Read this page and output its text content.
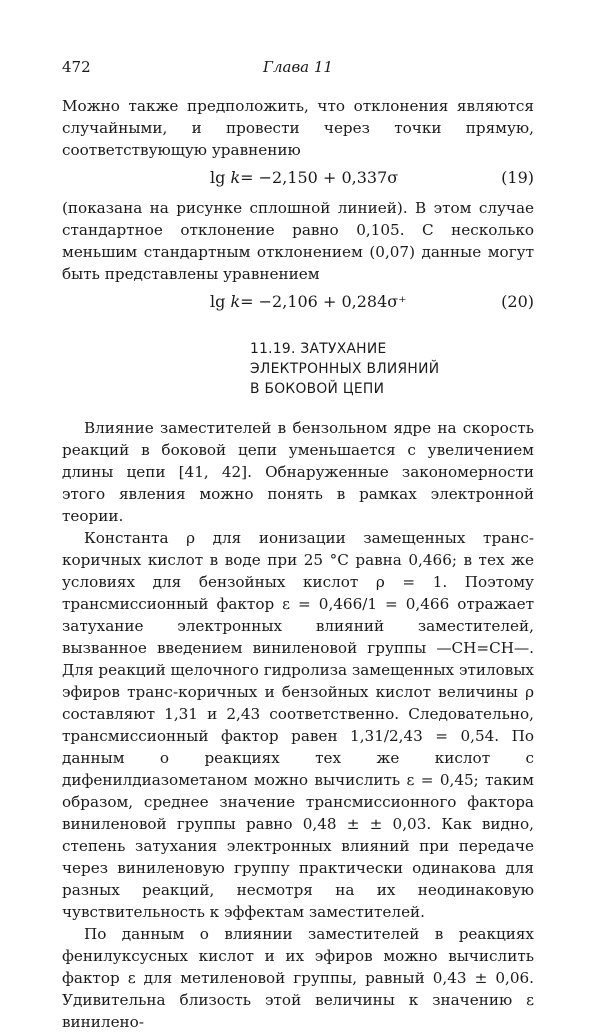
472	Глава 11

Можно также предположить, что отклонения являются случайными, и провести через точки прямую, соответствующую уравнению

lg k= −2,150 + 0,337σ	(19)

(показана на рисунке сплошной линией). В этом случае стандартное отклонение равно 0,105. С несколько меньшим стандартным отклонением (0,07) данные могут быть представлены уравнением

lg k= −2,106 + 0,284σ⁺	(20)
11.19. ЗАТУХАНИЕ
ЭЛЕКТРОННЫХ ВЛИЯНИЙ
В БОКОВОЙ ЦЕПИ

Влияние заместителей в бензольном ядре на скорость реакций в боковой цепи уменьшается с увеличением длины цепи [41, 42]. Обнаруженные закономерности этого явления можно понять в рамках электронной теории.

Константа ρ для ионизации замещенных транс-коричных кислот в воде при 25 °С равна 0,466; в тех же условиях для бензойных кислот ρ = 1. Поэтому трансмиссионный фактор ε = 0,466/1 = 0,466 отражает затухание электронных влияний заместителей, вызванное введением виниленовой группы —СН=СН—. Для реакций щелочного гидролиза замещенных этиловых эфиров транс-коричных и бензойных кислот величины ρ составляют 1,31 и 2,43 соответственно. Следовательно, трансмиссионный фактор равен 1,31/2,43 = 0,54. По данным о реакциях тех же кислот с дифенилдиазометаном можно вычислить ε = 0,45; таким образом, среднее значение трансмиссионного фактора виниленовой группы равно 0,48 ± ± 0,03. Как видно, степень затухания электронных влияний при передаче через виниленовую группу практически одинакова для разных реакций, несмотря на их неодинаковую чувствительность к эффектам заместителей.

По данным о влиянии заместителей в реакциях фенилуксусных кислот и их эфиров можно вычислить фактор ε для метиленовой группы, равный 0,43 ± 0,06. Удивительна близость этой величины к значению ε винилено-
